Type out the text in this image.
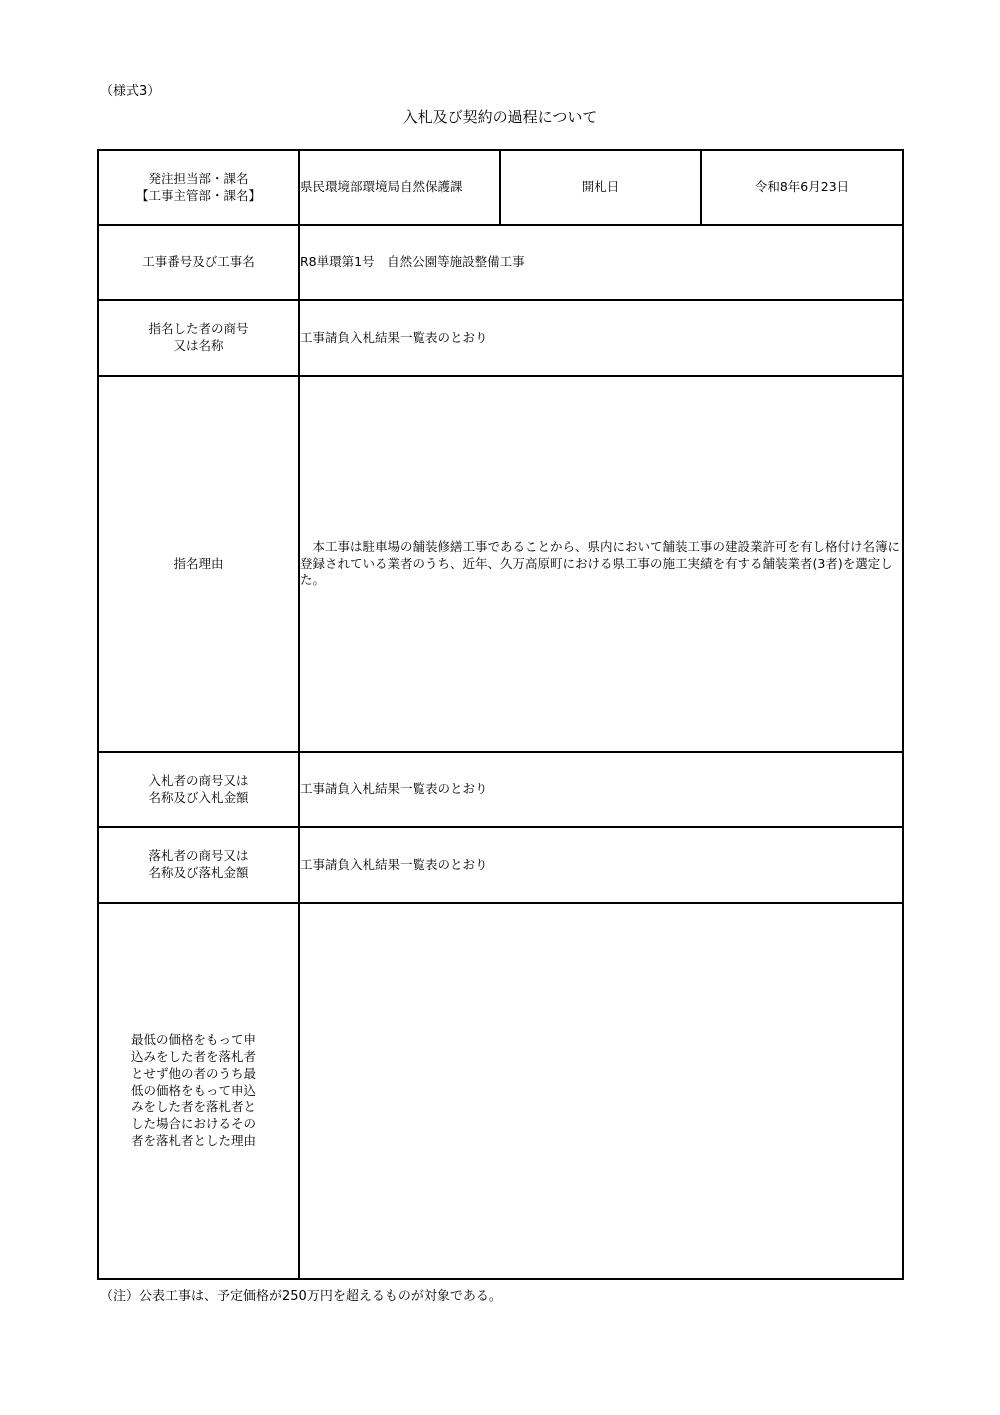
（様式3）
入札及び契約の過程について
発注担当部・課名
【工事主管部・課名】	県民環境部環境局自然保護課	開札日	令和8年6月23日
工事番号及び工事名	R8単環第1号　自然公園等施設整備工事		

指名した者の商号
又は名称	工事請負入札結果一覧表のとおり		
指名理由	本工事は駐車場の舗装修繕工事であることから、県内において舗装工事の建設業許可を有し格付け名簿に登録されている業者のうち、近年、久万高原町における県工事の施工実績を有する舗装業者(3者)を選定した。		

入札者の商号又は
名称及び入札金額	工事請負入札結果一覧表のとおり		

落札者の商号又は
名称及び落札金額	工事請負入札結果一覧表のとおり		
最低の価格をもって申込みをした者を落札者とせず他の者のうち最低の価格をもって申込みをした者を落札者とした場合におけるその者を落札者とした理由			
（注）公表工事は、予定価格が250万円を超えるものが対象である。
